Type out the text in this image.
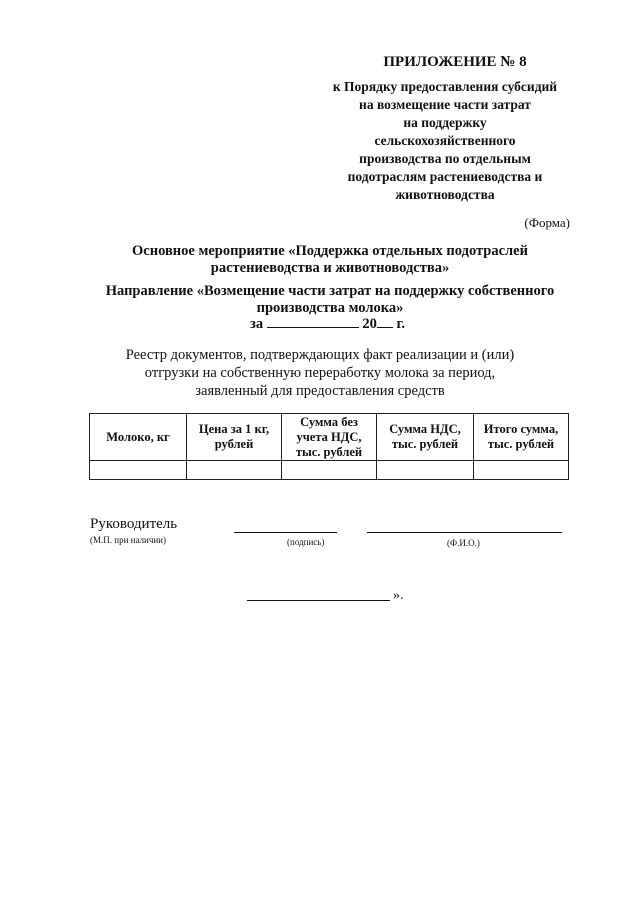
ПРИЛОЖЕНИЕ № 8
к Порядку предоставления субсидий
на возмещение части затрат
на поддержку
сельскохозяйственного
производства по отдельным
подотраслям растениеводства и
животноводства
(Форма)
Основное мероприятие «Поддержка отдельных подотраслей растениеводства и животноводства»
Направление «Возмещение части затрат на поддержку собственного производства молока»
за	20 г.
Реестр документов, подтверждающих факт реализации и (или)
отгрузки на собственную переработку молока за период,
заявленный для предоставления средств
Молоко, кг	Цена за 1 кг, рублей	Сумма без учета НДС, тыс. рублей	Сумма НДС, тыс. рублей	Итого сумма, тыс. рублей

Руководитель
(М.П. при наличии)	(подпись)	(Ф.И.О.)
».
